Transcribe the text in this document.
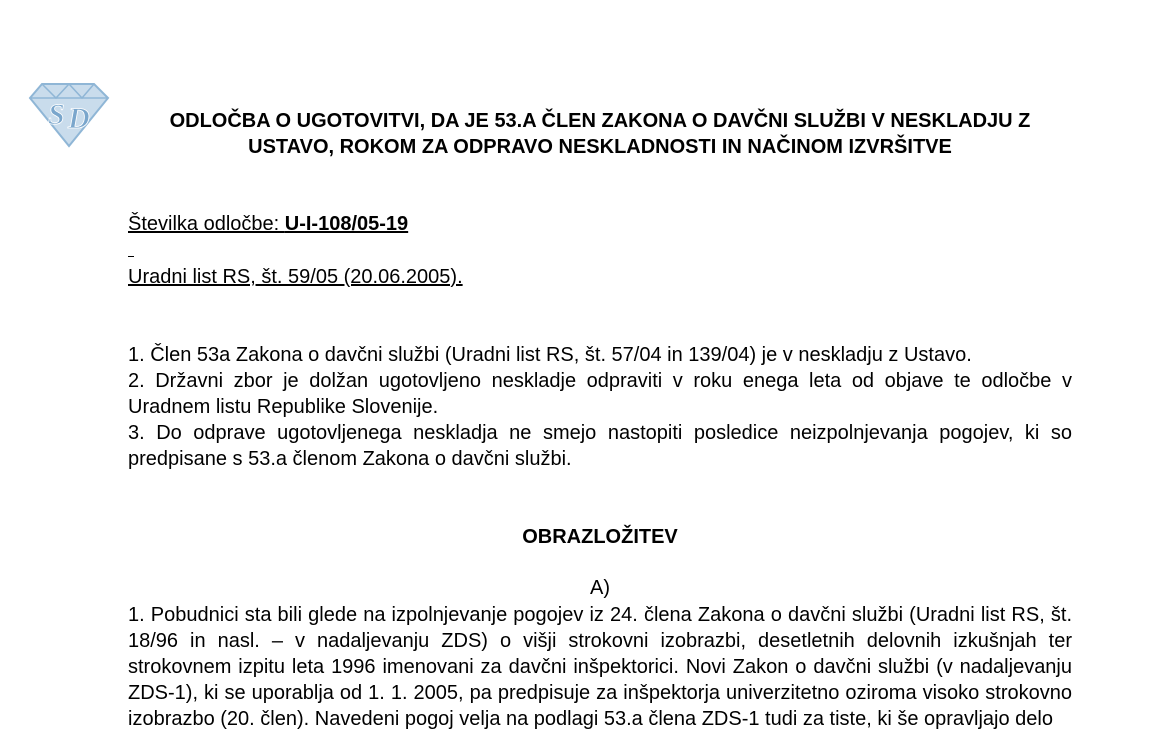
S D	ODLOČBA O UGOTOVITVI, DA JE 53.A ČLEN ZAKONA O DAVČNI SLUŽBI V NESKLADJU Z USTAVO, ROKOM ZA ODPRAVO NESKLADNOSTI IN NAČINOM IZVRŠITVE
Številka odločbe: U-I-108/05-19
Uradni list RS, št. 59/05 (20.06.2005).

1. Člen 53a Zakona o davčni službi (Uradni list RS, št. 57/04 in 139/04) je v neskladju z Ustavo.

2. Državni zbor je dolžan ugotovljeno neskladje odpraviti v roku enega leta od objave te odločbe v Uradnem listu Republike Slovenije.

3. Do odprave ugotovljenega neskladja ne smejo nastopiti posledice neizpolnjevanja pogojev, ki so predpisane s 53.a členom Zakona o davčni službi.

OBRAZLOŽITEV
A)

1. Pobudnici sta bili glede na izpolnjevanje pogojev iz 24. člena Zakona o davčni službi (Uradni list RS, št. 18/96 in nasl. – v nadaljevanju ZDS) o višji strokovni izobrazbi, desetletnih delovnih izkušnjah ter strokovnem izpitu leta 1996 imenovani za davčni inšpektorici. Novi Zakon o davčni službi (v nadaljevanju ZDS-1), ki se uporablja od 1. 1. 2005, pa predpisuje za inšpektorja univerzitetno oziroma visoko strokovno izobrazbo (20. člen). Navedeni pogoj velja na podlagi 53.a člena ZDS-1 tudi za tiste, ki še opravljajo delo
